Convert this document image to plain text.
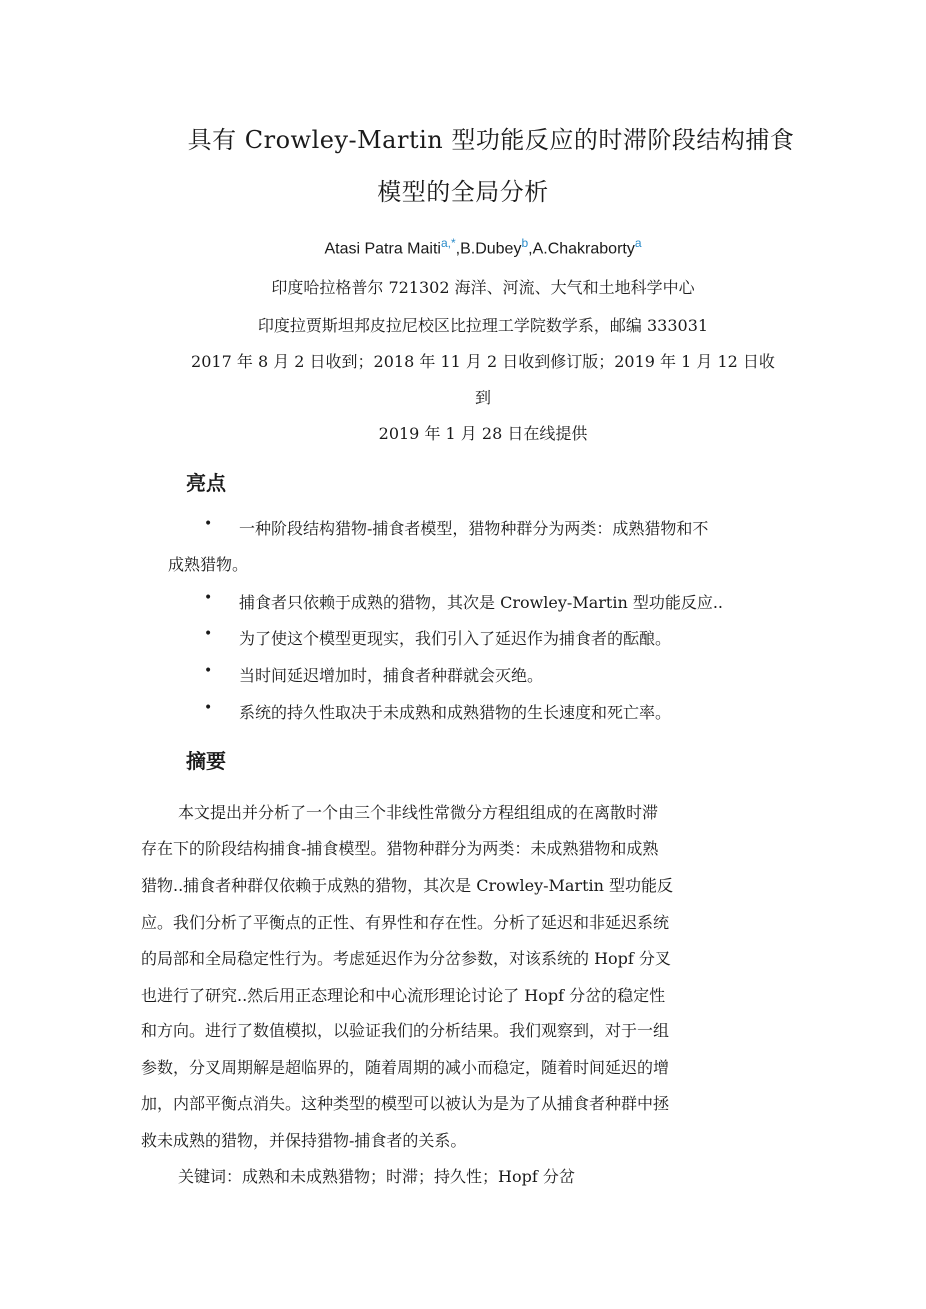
具有 Crowley-Martin 型功能反应的时滞阶段结构捕食
模型的全局分析
Atasi Patra Maiti$^{a,*}$,B.Dubey$^b$,A.Chakraborty$^a$
印度哈拉格普尔 721302 海洋、河流、大气和土地科学中心
印度拉贾斯坦邦皮拉尼校区比拉理工学院数学系，邮编 333031
2017 年 8 月 2 日收到；2018 年 11 月 2 日收到修订版；2019 年 1 月 12 日收
到
2019 年 1 月 28 日在线提供
亮点
• 一种阶段结构猎物-捕食者模型，猎物种群分为两类：成熟猎物和不
成熟猎物。
• 捕食者只依赖于成熟的猎物，其次是 Crowley-Martin 型功能反应..
• 为了使这个模型更现实，我们引入了延迟作为捕食者的酝酿。
• 当时间延迟增加时，捕食者种群就会灭绝。
• 系统的持久性取决于未成熟和成熟猎物的生长速度和死亡率。
摘要
本文提出并分析了一个由三个非线性常微分方程组组成的在离散时滞
存在下的阶段结构捕食-捕食模型。猎物种群分为两类：未成熟猎物和成熟
猎物..捕食者种群仅依赖于成熟的猎物，其次是 Crowley-Martin 型功能反
应。我们分析了平衡点的正性、有界性和存在性。分析了延迟和非延迟系统
的局部和全局稳定性行为。考虑延迟作为分岔参数，对该系统的 Hopf 分叉
也进行了研究..然后用正态理论和中心流形理论讨论了 Hopf 分岔的稳定性
和方向。进行了数值模拟，以验证我们的分析结果。我们观察到，对于一组
参数，分叉周期解是超临界的，随着周期的减小而稳定，随着时间延迟的增
加，内部平衡点消失。这种类型的模型可以被认为是为了从捕食者种群中拯
救未成熟的猎物，并保持猎物-捕食者的关系。
关键词：成熟和未成熟猎物；时滞；持久性；Hopf 分岔
